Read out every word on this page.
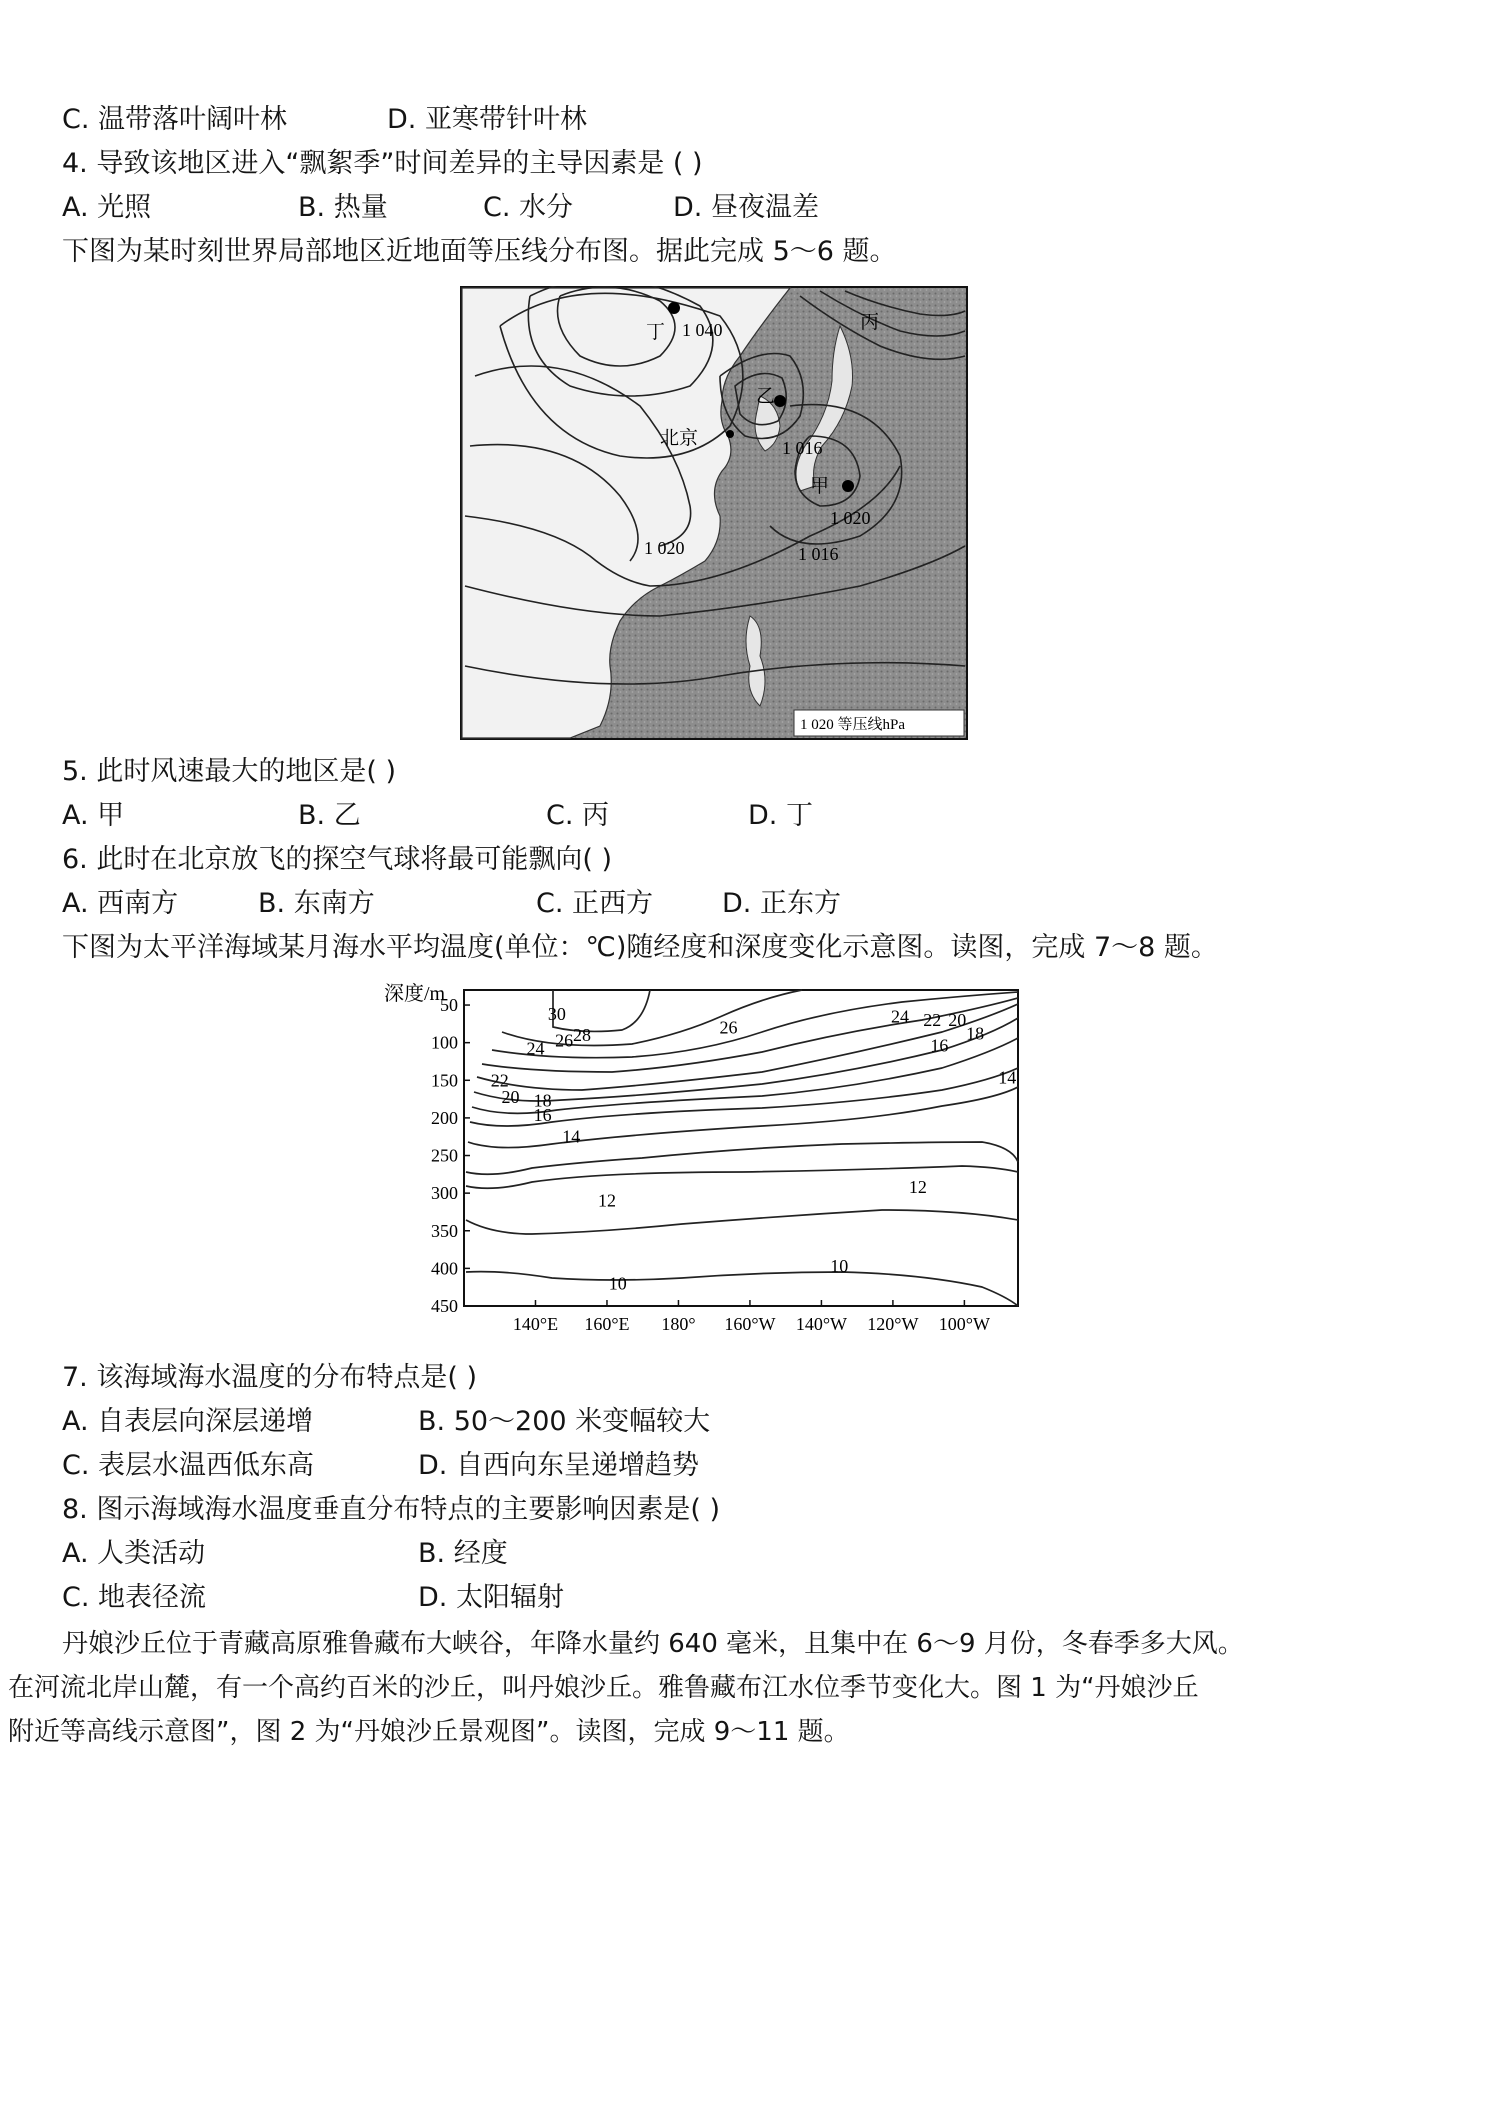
C. 温带落叶阔叶林	D. 亚寒带针叶林
4. 导致该地区进入“飘絮季”时间差异的主导因素是 ( )
A. 光照	B. 热量	C. 水分	D. 昼夜温差
下图为某时刻世界局部地区近地面等压线分布图。据此完成 5～6 题。
丁
乙
丙
甲
北京
1 040
1 016
1 020
1 020	1 016
1 020 等压线hPa
5. 此时风速最大的地区是( )
A. 甲	B. 乙	C. 丙	D. 丁
6. 此时在北京放飞的探空气球将最可能飘向( )
A. 西南方	B. 东南方	C. 正西方	D. 正东方
下图为太平洋海域某月海水平均温度(单位：℃)随经度和深度变化示意图。读图，完成 7～8 题。
深度/m
50
100
150
200
250
300
350
400
450
140°E 160°E 180° 160°W 140°W 120°W 100°W
30
28
26
26
24
24 22 20
18
16
14
22
20 18
16
14
12
12
10
10
7. 该海域海水温度的分布特点是( )
A. 自表层向深层递增	B. 50～200 米变幅较大
C. 表层水温西低东高	D. 自西向东呈递增趋势
8. 图示海域海水温度垂直分布特点的主要影响因素是( )
A. 人类活动	B. 经度
C. 地表径流	D. 太阳辐射
丹娘沙丘位于青藏高原雅鲁藏布大峡谷，年降水量约 640 毫米，且集中在 6～9 月份，冬春季多大风。
在河流北岸山麓，有一个高约百米的沙丘，叫丹娘沙丘。雅鲁藏布江水位季节变化大。图 1 为“丹娘沙丘
附近等高线示意图”，图 2 为“丹娘沙丘景观图”。读图，完成 9～11 题。
